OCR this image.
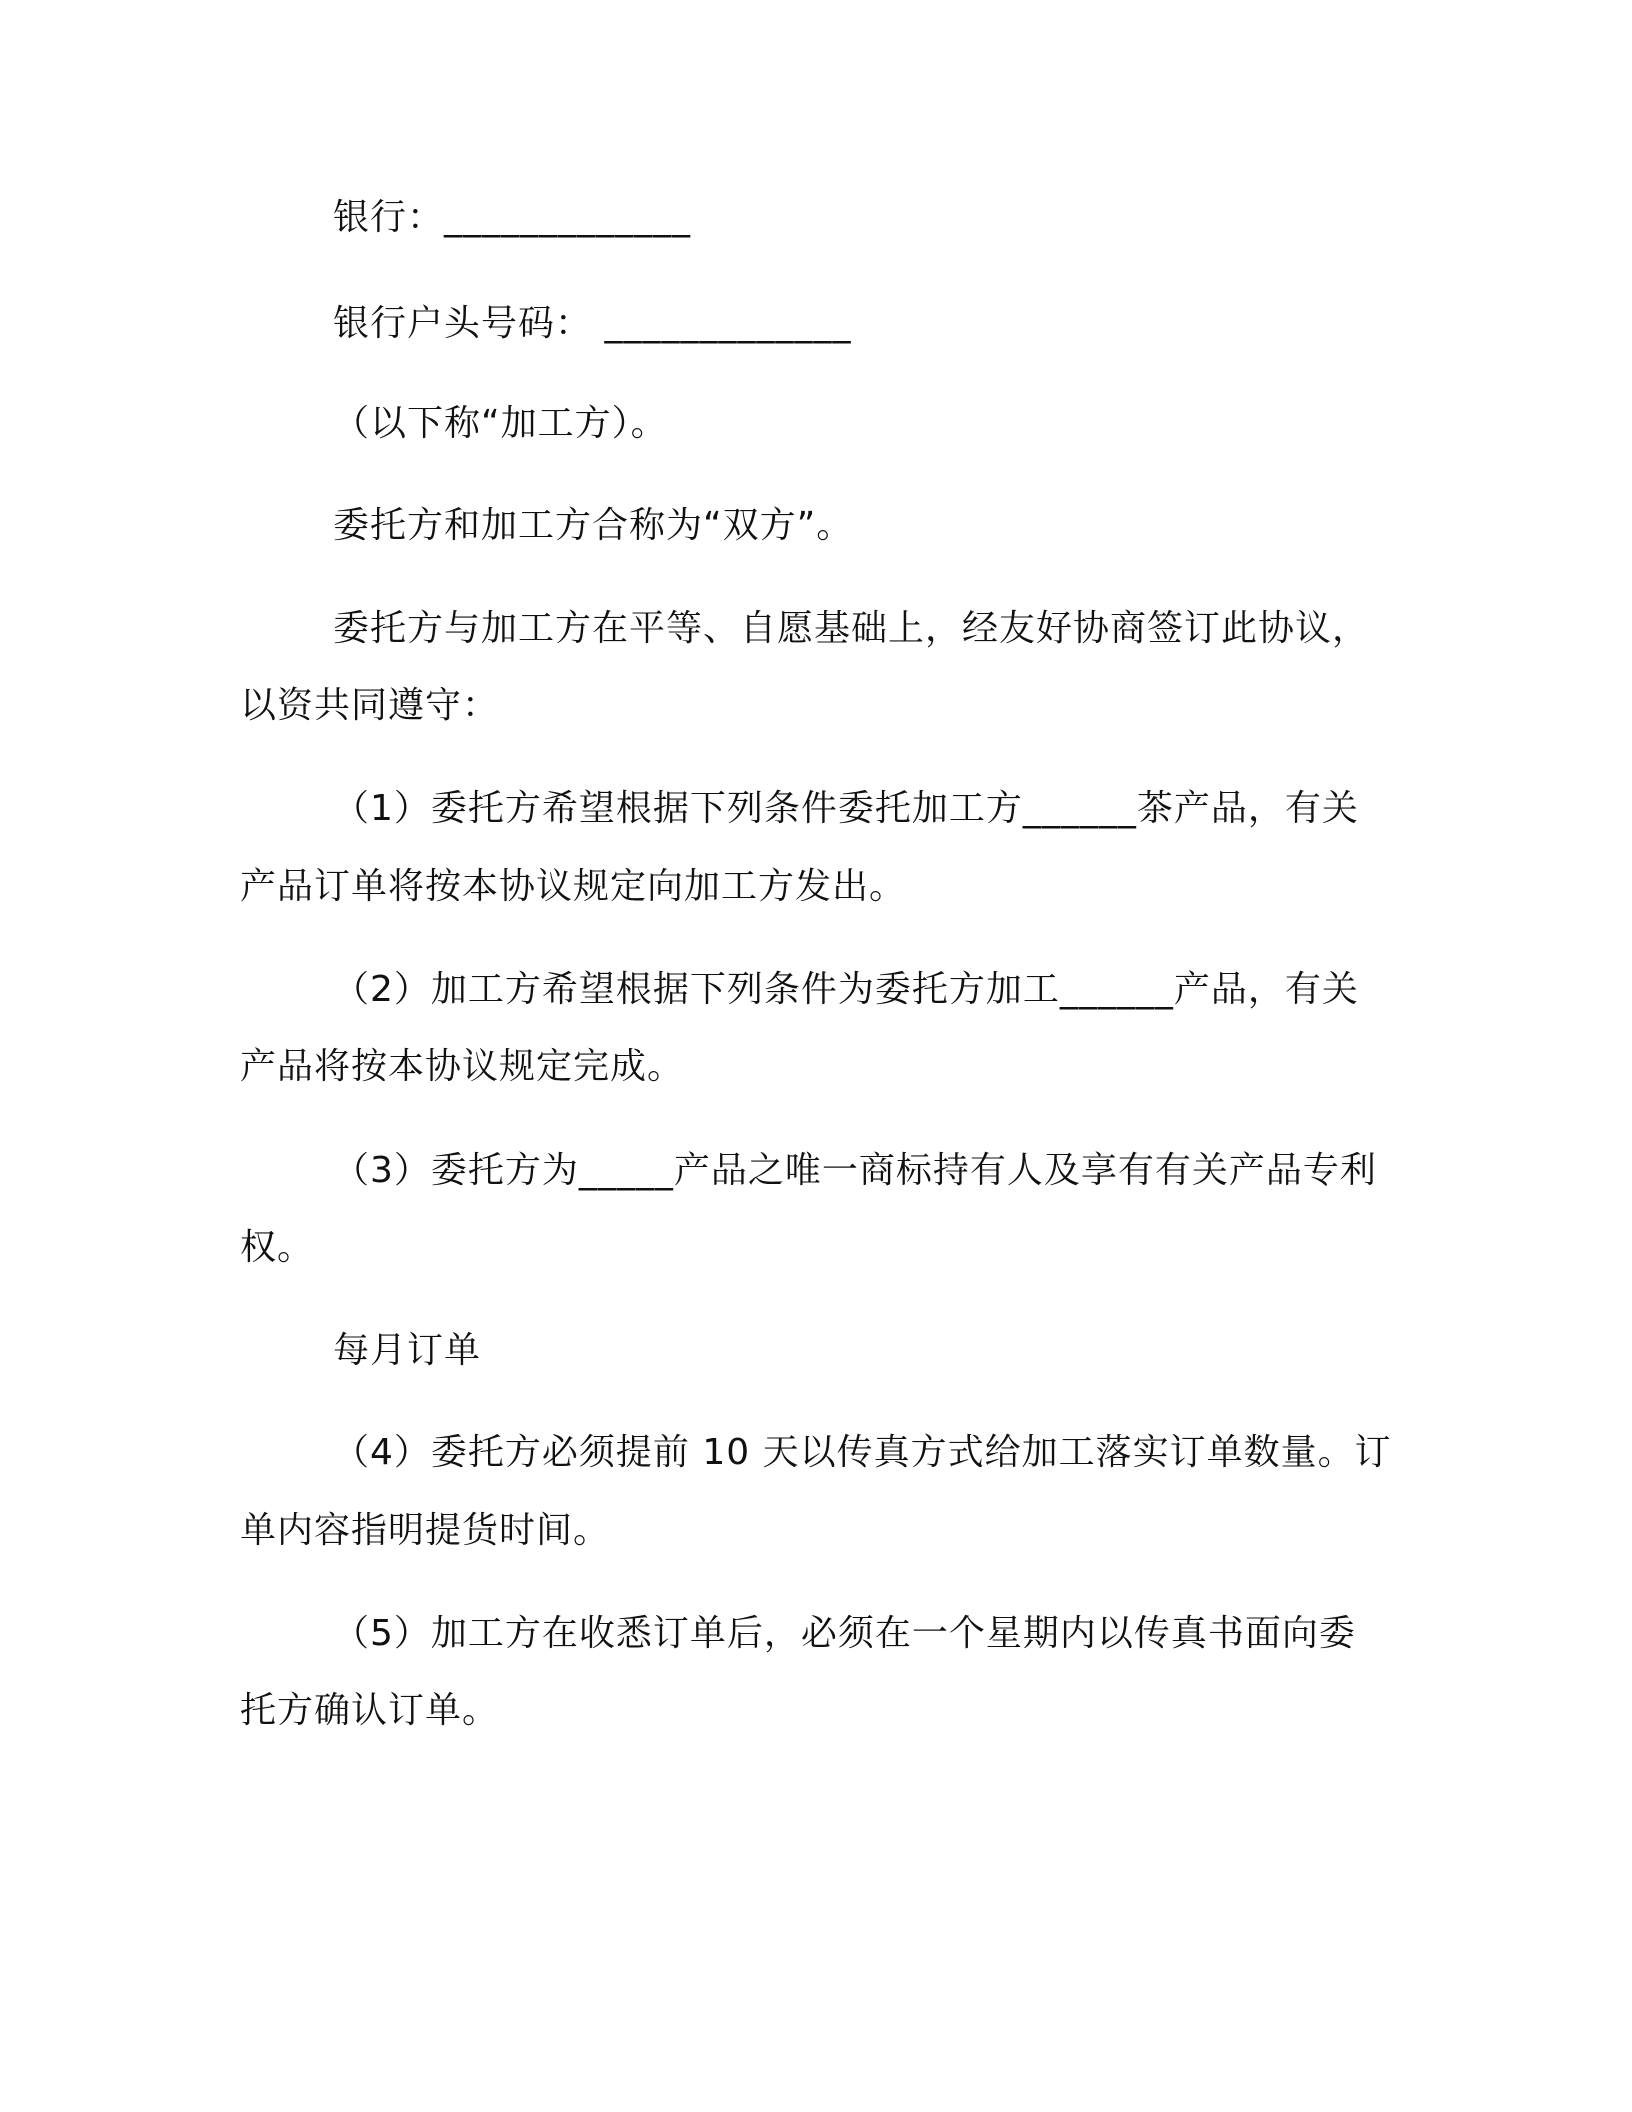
银行：_____________
银行户头号码： _____________
（以下称“加工方）。
委托方和加工方合称为“双方”。
委托方与加工方在平等、自愿基础上，经友好协商签订此协议，
以资共同遵守：
（1）委托方希望根据下列条件委托加工方______茶产品，有关
产品订单将按本协议规定向加工方发出。
（2）加工方希望根据下列条件为委托方加工______产品，有关
产品将按本协议规定完成。
（3）委托方为_____产品之唯一商标持有人及享有有关产品专利
权。
每月订单
（4）委托方必须提前 10 天以传真方式给加工落实订单数量。订
单内容指明提货时间。
（5）加工方在收悉订单后，必须在一个星期内以传真书面向委
托方确认订单。
